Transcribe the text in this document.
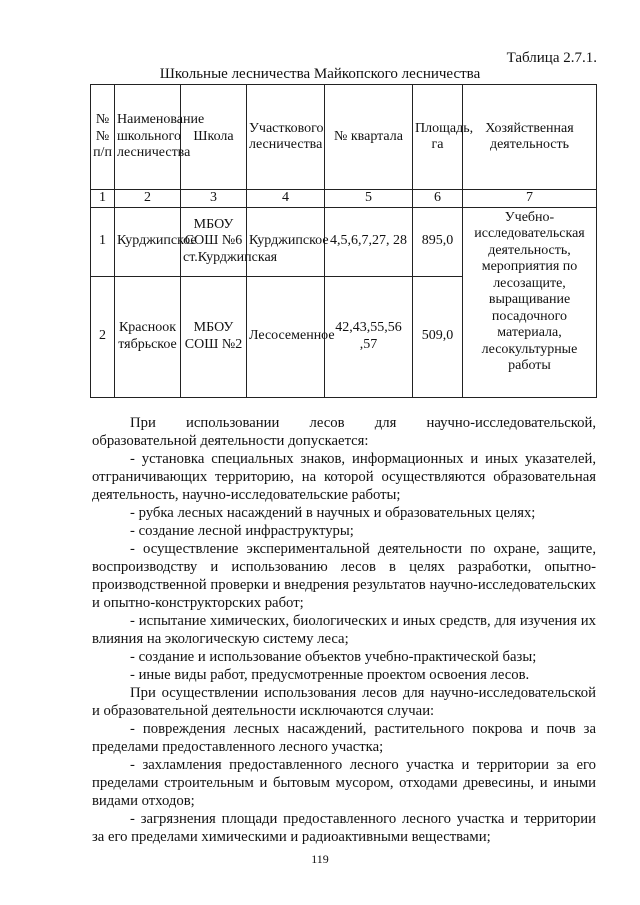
Таблица 2.7.1.
Школьные лесничества Майкопского лесничества
№ № п/п	Наименование школьного лесничества	Школа	Участкового лесничества	№ квартала	Площадь, га	Хозяйственная деятельность
1	2	3	4	5	6	7
1	Курджипское	МБОУ СОШ №6 ст.Курджипская	Курджипское	4,5,6,7,27, 28	895,0	Учебно-исследовательская деятельность, мероприятия по лесозащите, выращивание посадочного материала, лесокультурные работы
2	Красноок тябрьское	МБОУ СОШ №2	Лесосеменное	42,43,55,56 ,57	509,0	

При использовании лесов для научно-исследовательской, образовательной деятельности допускается:

- установка специальных знаков, информационных и иных указателей, отграничивающих территорию, на которой осуществляются образовательная деятельность, научно-исследовательские работы;

- рубка лесных насаждений в научных и образовательных целях;

- создание лесной инфраструктуры;

- осуществление экспериментальной деятельности по охране, защите, воспроизводству и использованию лесов в целях разработки, опытно-производственной проверки и внедрения результатов научно-исследовательских и опытно-конструкторских работ;

- испытание химических, биологических и иных средств, для изучения их влияния на экологическую систему леса;

- создание и использование объектов учебно-практической базы;

- иные виды работ, предусмотренные проектом освоения лесов.

При осуществлении использования лесов для научно-исследовательской и образовательной деятельности исключаются случаи:

- повреждения лесных насаждений, растительного покрова и почв за пределами предоставленного лесного участка;

- захламления предоставленного лесного участка и территории за его пределами строительным и бытовым мусором, отходами древесины, и иными видами отходов;

- загрязнения площади предоставленного лесного участка и территории за его пределами химическими и радиоактивными веществами;

119
